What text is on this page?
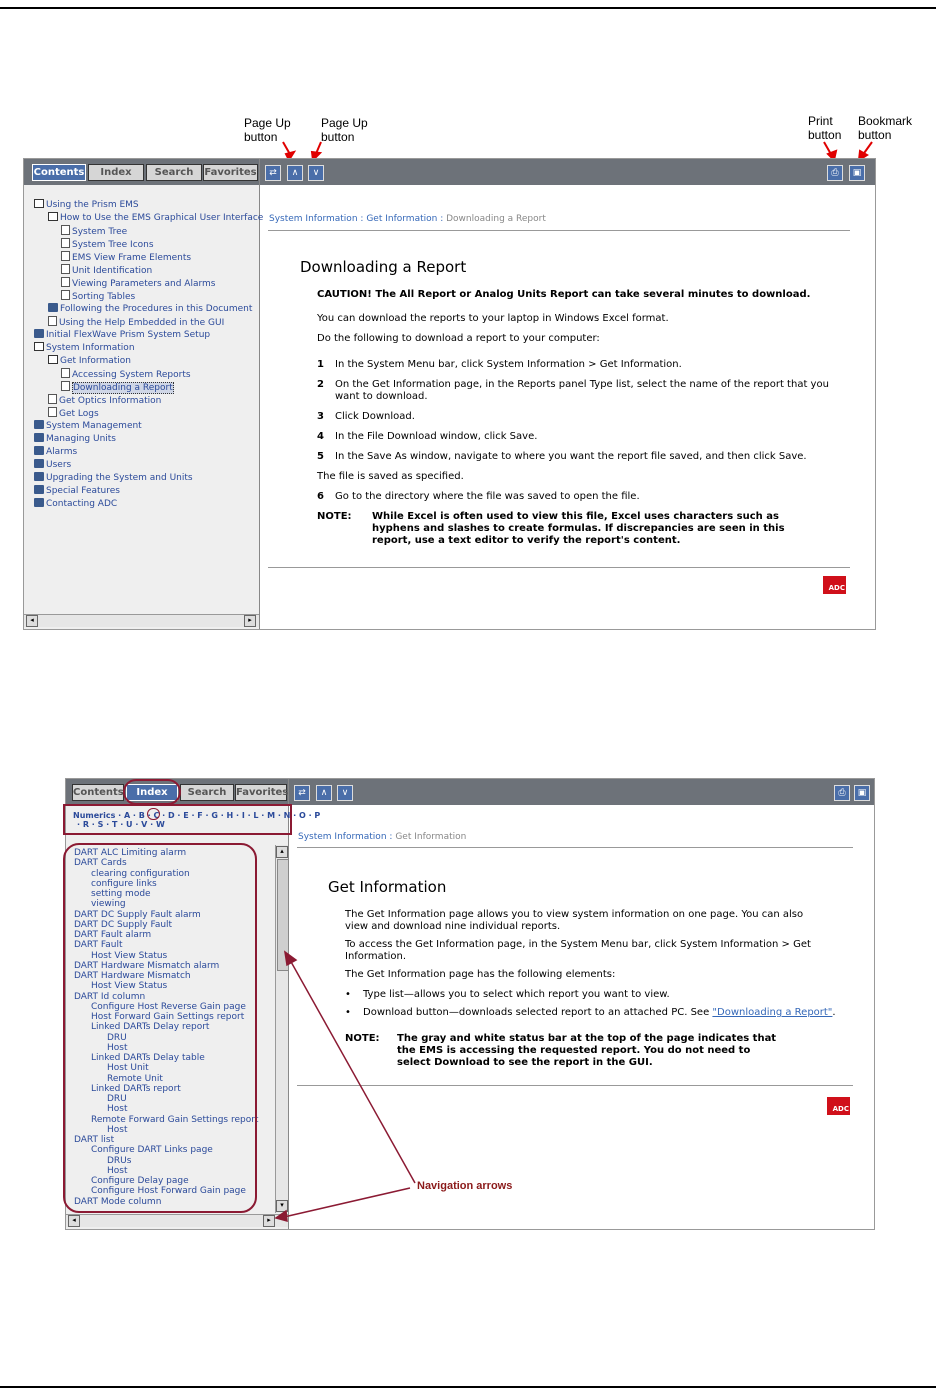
Page Up
button
Page Up
button
Print
button
Bookmark
button
Contents	Index	Search	Favorites
Using the Prism EMS
How to Use the EMS Graphical User Interface
System Tree
System Tree Icons
EMS View Frame Elements
Unit Identification
Viewing Parameters and Alarms
Sorting Tables
Following the Procedures in this Document
Using the Help Embedded in the GUI
Initial FlexWave Prism System Setup
System Information
Get Information
Accessing System Reports
Downloading a Report
Get Optics Information
Get Logs
System Management
Managing Units
Alarms
Users
Upgrading the System and Units
Special Features
Contacting ADC
◂	▸
⇄	∧	∨	⎙	▣
System Information : Get Information : Downloading a Report
Downloading a Report
CAUTION! The All Report or Analog Units Report can take several minutes to download.
You can download the reports to your laptop in Windows Excel format.
Do the following to download a report to your computer:
1 In the System Menu bar, click System Information > Get Information.
2 On the Get Information page, in the Reports panel Type list, select the name of the report that you want to download.
3 Click Download.
4 In the File Download window, click Save.
5 In the Save As window, navigate to where you want the report file saved, and then click Save.
The file is saved as specified.
6 Go to the directory where the file was saved to open the file.
NOTE: While Excel is often used to view this file, Excel uses characters such as hyphens and slashes to create formulas. If discrepancies are seen in this report, use a text editor to verify the report's content.
ADC
Contents	Index	Search Favorites
Numerics · A · B · C · D · E · F · G · H · I · L · M · N · O · P
· R · S · T · U · V · W
DART ALC Limiting alarm
DART Cards
clearing configuration
configure links
setting mode
viewing
DART DC Supply Fault alarm
DART DC Supply Fault
DART Fault alarm
DART Fault
Host View Status
DART Hardware Mismatch alarm
DART Hardware Mismatch
Host View Status
DART Id column
Configure Host Reverse Gain page
Host Forward Gain Settings report
Linked DARTs Delay report
DRU
Host
Linked DARTs Delay table
Host Unit
Remote Unit
Linked DARTs report
DRU
Host
Remote Forward Gain Settings report
Host
DART list
Configure DART Links page
DRUs
Host
Configure Delay page
Configure Host Forward Gain page
DART Mode column
▴
▾
◂	▸
⇄	∧	∨	⎙	▣
System Information : Get Information
Get Information
The Get Information page allows you to view system information on one page. You can also view and download nine individual reports.
To access the Get Information page, in the System Menu bar, click System Information > Get Information.
The Get Information page has the following elements:
• Type list—allows you to select which report you want to view.
• Download button—downloads selected report to an attached PC. See "Downloading a Report".
NOTE: The gray and white status bar at the top of the page indicates that the EMS is accessing the requested report. You do not need to select Download to see the report in the GUI.
ADC
Navigation arrows
